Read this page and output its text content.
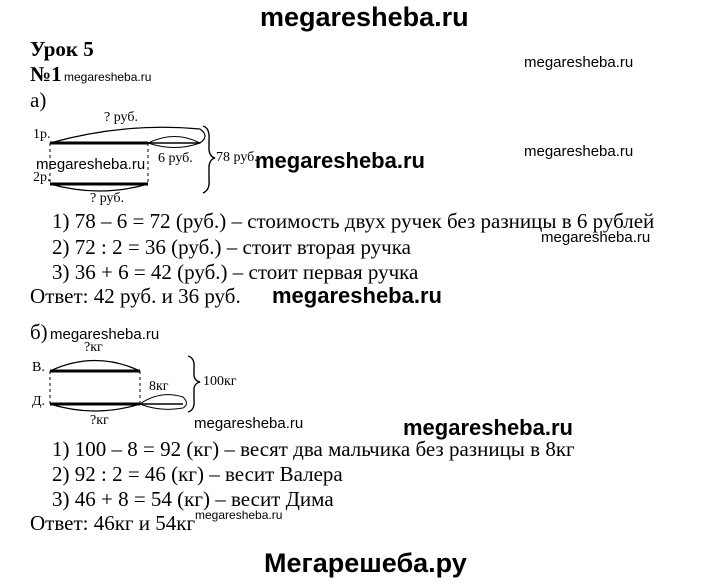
megaresheba.ru
megaresheba.ru
megaresheba.ru
megaresheba.ru
megaresheba.ru	megaresheba.ru
megaresheba.ru
megaresheba.ru
megaresheba.ru
megaresheba.ru	megaresheba.ru
megaresheba.ru
Мегарешеба.ру
Урок 5
№1
а)
1р.
2р.
? руб.
? руб.
6 руб. 78 руб.
1) 78 – 6 = 72 (руб.) – стоимость двух ручек без разницы в 6 рублей
2) 72 : 2 = 36 (руб.) – стоит вторая ручка
3) 36 + 6 = 42 (руб.) – стоит первая ручка
Ответ: 42 руб. и 36 руб.
б)
В.
Д.
?кг
?кг
8кг 100кг
1) 100 – 8 = 92 (кг) – весят два мальчика без разницы в 8кг
2) 92 : 2 = 46 (кг) – весит Валера
3) 46 + 8 = 54 (кг) – весит Дима
Ответ: 46кг и 54кг
